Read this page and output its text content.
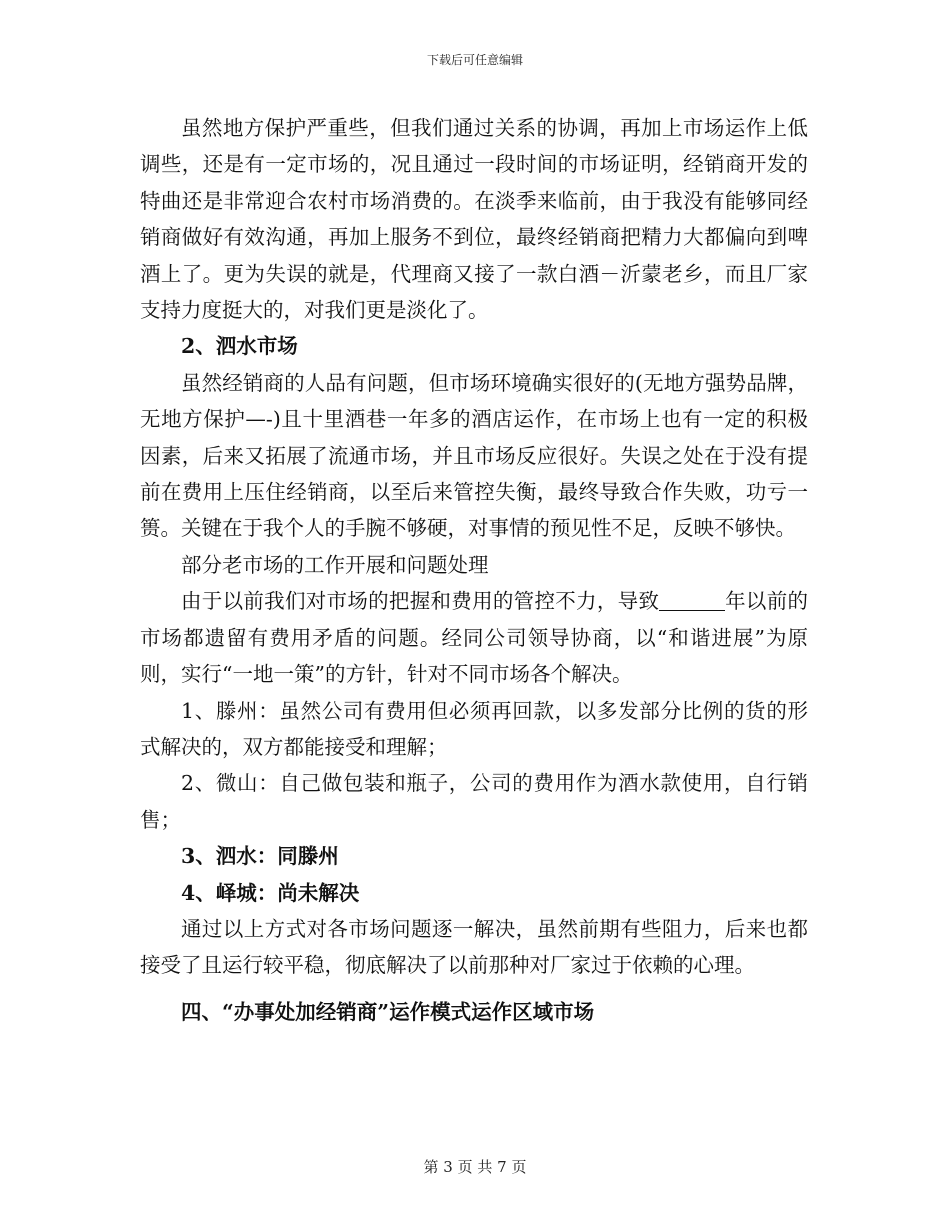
下载后可任意编辑

虽然地方保护严重些，但我们通过关系的协调，再加上市场运作上低调些，还是有一定市场的，况且通过一段时间的市场证明，经销商开发的特曲还是非常迎合农村市场消费的。在淡季来临前，由于我没有能够同经销商做好有效沟通，再加上服务不到位，最终经销商把精力大都偏向到啤酒上了。更为失误的就是，代理商又接了一款白酒－沂蒙老乡，而且厂家支持力度挺大的，对我们更是淡化了。

2、泗水市场

虽然经销商的人品有问题，但市场环境确实很好的(无地方强势品牌，无地方保护—-)且十里酒巷一年多的酒店运作，在市场上也有一定的积极因素，后来又拓展了流通市场，并且市场反应很好。失误之处在于没有提前在费用上压住经销商，以至后来管控失衡，最终导致合作失败，功亏一篑。关键在于我个人的手腕不够硬，对事情的预见性不足，反映不够快。

部分老市场的工作开展和问题处理

由于以前我们对市场的把握和费用的管控不力，导致	年以前的市场都遗留有费用矛盾的问题。经同公司领导协商，以“和谐进展”为原则，实行“一地一策”的方针，针对不同市场各个解决。

1、滕州：虽然公司有费用但必须再回款，以多发部分比例的货的形式解决的，双方都能接受和理解；

2、微山：自己做包装和瓶子，公司的费用作为酒水款使用，自行销售；

3、泗水：同滕州

4、峄城：尚未解决

通过以上方式对各市场问题逐一解决，虽然前期有些阻力，后来也都接受了且运行较平稳，彻底解决了以前那种对厂家过于依赖的心理。

四、“办事处加经销商”运作模式运作区域市场

第 3 页 共 7 页
